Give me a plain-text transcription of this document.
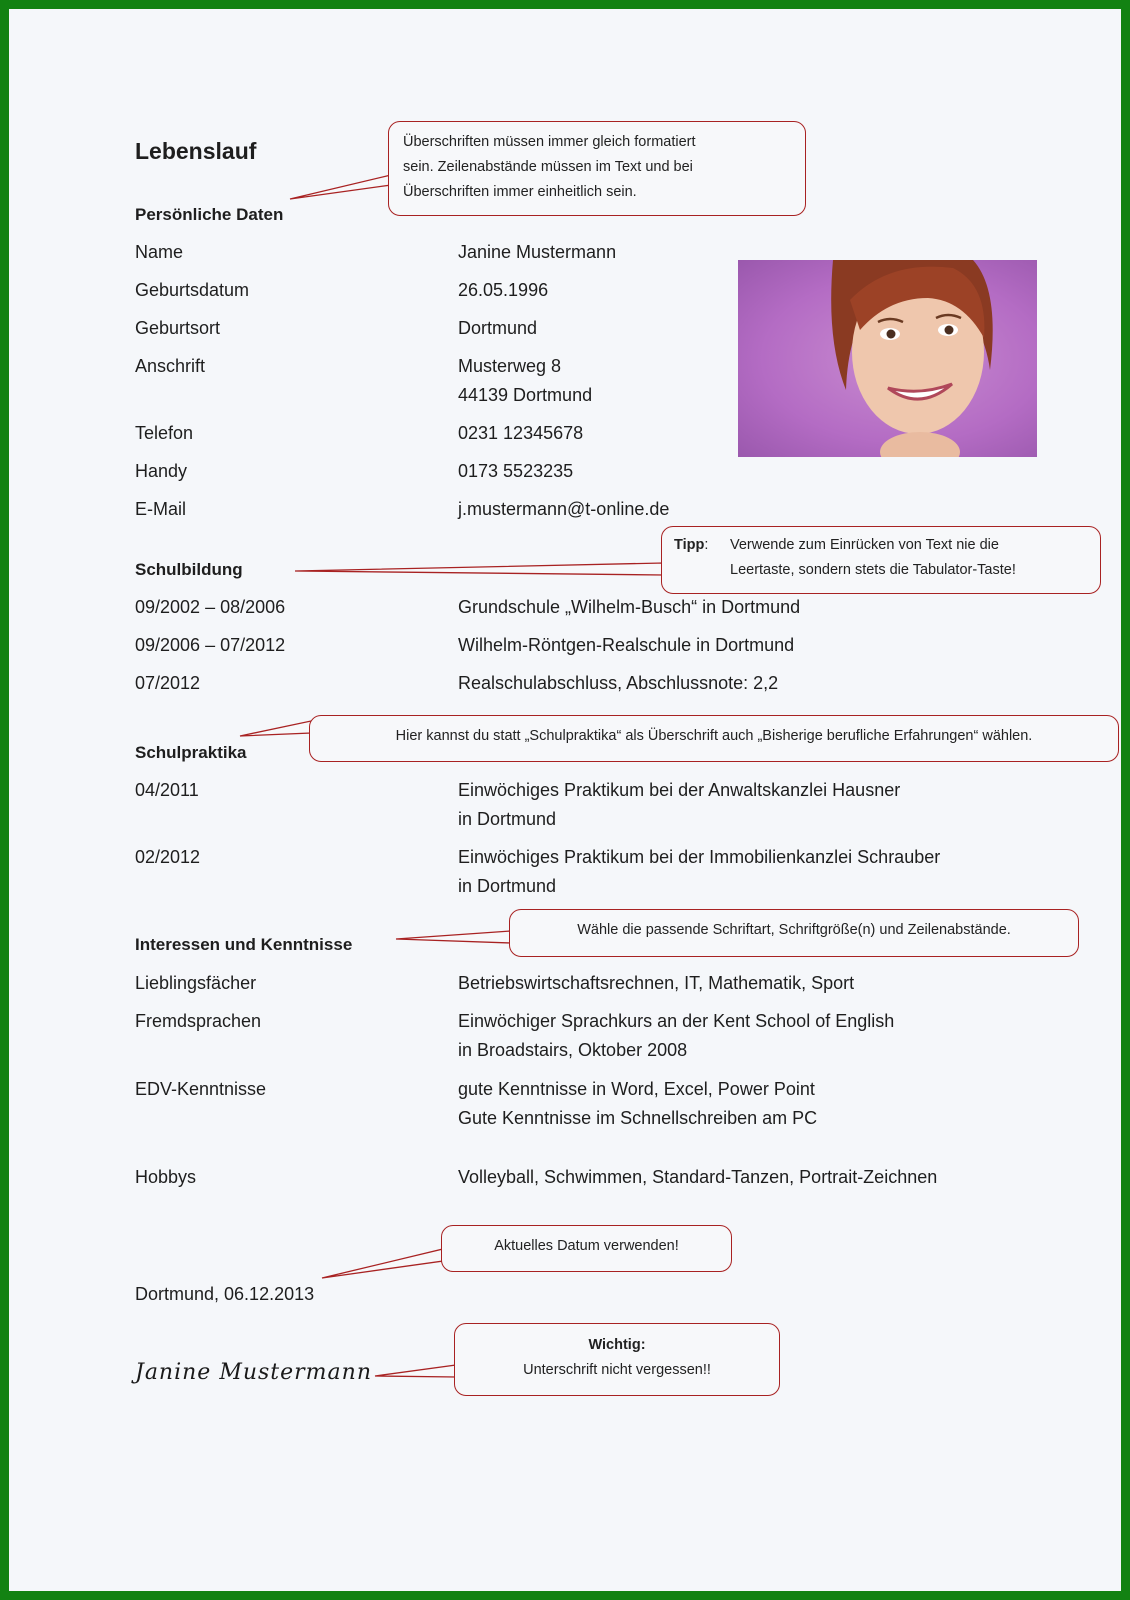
Lebenslauf
Persönliche Daten
Name	Janine Mustermann
Geburtsdatum	26.05.1996
Geburtsort	Dortmund
Anschrift	Musterweg 8
44139 Dortmund
Telefon	0231 12345678
Handy	0173 5523235
E-Mail	j.mustermann@t-online.de
Schulbildung
09/2002 – 08/2006	Grundschule „Wilhelm-Busch“ in Dortmund
09/2006 – 07/2012	Wilhelm-Röntgen-Realschule in Dortmund
07/2012	Realschulabschluss, Abschlussnote: 2,2
Schulpraktika
04/2011	Einwöchiges Praktikum bei der Anwaltskanzlei Hausner
in Dortmund
02/2012	Einwöchiges Praktikum bei der Immobilienkanzlei Schrauber
in Dortmund
Interessen und Kenntnisse
Lieblingsfächer	Betriebswirtschaftsrechnen, IT, Mathematik, Sport
Fremdsprachen	Einwöchiger Sprachkurs an der Kent School of English
in Broadstairs, Oktober 2008
EDV-Kenntnisse	gute Kenntnisse in Word, Excel, Power Point
Gute Kenntnisse im Schnellschreiben am PC
Hobbys	Volleyball, Schwimmen, Standard-Tanzen, Portrait-Zeichnen
Dortmund, 06.12.2013
Janine Mustermann
Überschriften müssen immer gleich formatiert
sein. Zeilenabstände müssen im Text und bei
Überschriften immer einheitlich sein.
Tipp:	Verwende zum Einrücken von Text nie die
Leertaste, sondern stets die Tabulator-Taste!
Hier kannst du statt „Schulpraktika“ als Überschrift auch „Bisherige berufliche Erfahrungen“ wählen.
Wähle die passende Schriftart, Schriftgröße(n) und Zeilenabstände.
Aktuelles Datum verwenden!
Wichtig:
Unterschrift nicht vergessen!!
